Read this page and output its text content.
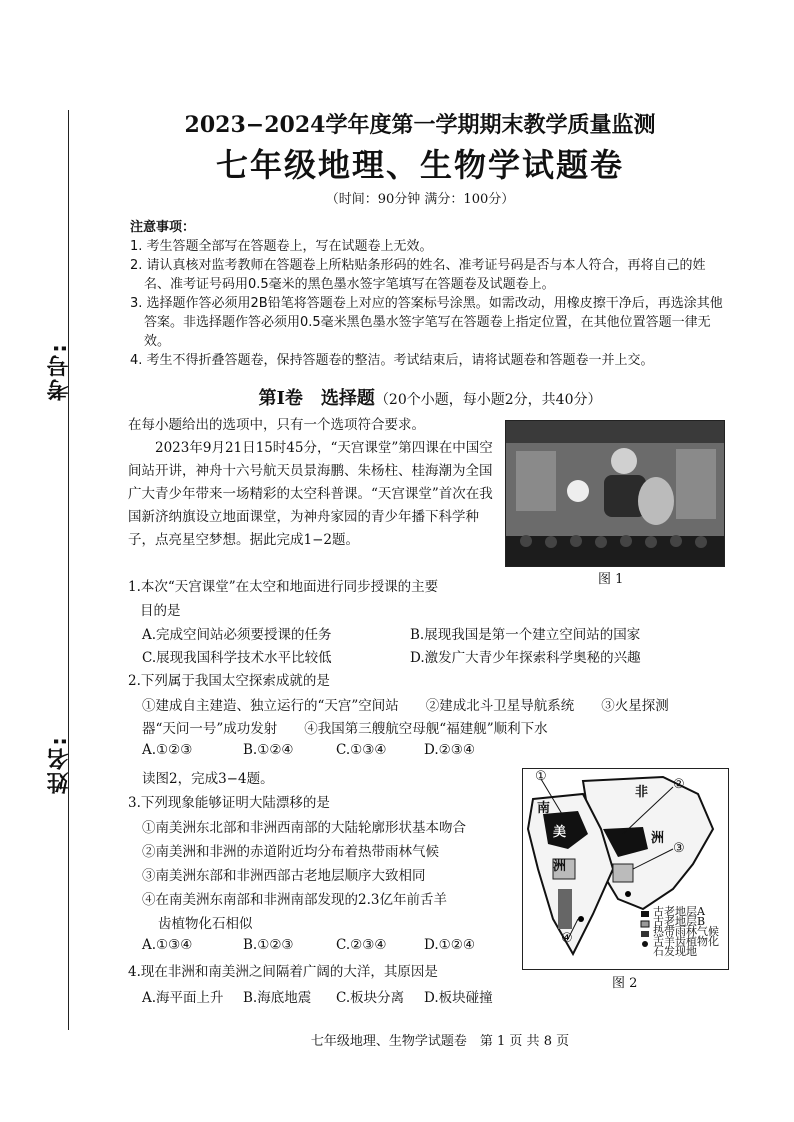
考号:
姓名:
2023−2024学年度第一学期期末教学质量监测
七年级地理、生物学试题卷
（时间：90分钟 满分：100分）
注意事项：
1. 考生答题全部写在答题卷上，写在试题卷上无效。
2. 请认真核对监考教师在答题卷上所粘贴条形码的姓名、准考证号码是否与本人符合，再将自己的姓名、准考证号码用0.5毫米的黑色墨水签字笔填写在答题卷及试题卷上。
3. 选择题作答必须用2B铅笔将答题卷上对应的答案标号涂黑。如需改动，用橡皮擦干净后，再选涂其他答案。非选择题作答必须用0.5毫米黑色墨水签字笔写在答题卷上指定位置，在其他位置答题一律无效。
4. 考生不得折叠答题卷，保持答题卷的整洁。考试结束后，请将试题卷和答题卷一并上交。
第Ⅰ卷　选择题（20个小题，每小题2分，共40分）
在每小题给出的选项中，只有一个选项符合要求。
2023年9月21日15时45分，“天宫课堂”第四课在中国空间站开讲，神舟十六号航天员景海鹏、朱杨柱、桂海潮为全国广大青少年带来一场精彩的太空科普课。“天宫课堂”首次在我国新济纳旗设立地面课堂，为神舟家园的青少年播下科学种子，点亮星空梦想。据此完成1−2题。
图 1
1.本次“天宫课堂”在太空和地面进行同步授课的主要
目的是
A.完成空间站必须要授课的任务	B.展现我国是第一个建立空间站的国家
C.展现我国科学技术水平比较低	D.激发广大青少年探索科学奥秘的兴趣
2.下列属于我国太空探索成就的是
①建成自主建造、独立运行的“天宫”空间站　　②建成北斗卫星导航系统　　③火星探测
器“天问一号”成功发射　　④我国第三艘航空母舰“福建舰”顺利下水
A.①②③	B.①②④	C.①③④	D.②③④
读图2，完成3−4题。
3.下列现象能够证明大陆漂移的是
①南美洲东北部和非洲西南部的大陆轮廓形状基本吻合
②南美洲和非洲的赤道附近均分布着热带雨林气候
③南美洲东部和非洲西部古老地层顺序大致相同
④在南美洲东南部和非洲南部发现的2.3亿年前舌羊
齿植物化石相似
A.①③④	B.①②③	C.②③④	D.①②④
4.现在非洲和南美洲之间隔着广阔的大洋，其原因是
A.海平面上升 B.海底地震 C.板块分离 D.板块碰撞
①
②
③
④
南
美
洲
非
洲
古老地层A
古老地层B
热带雨林气候
舌羊齿植物化
石发现地
图 2
七年级地理、生物学试题卷　第 1 页 共 8 页
